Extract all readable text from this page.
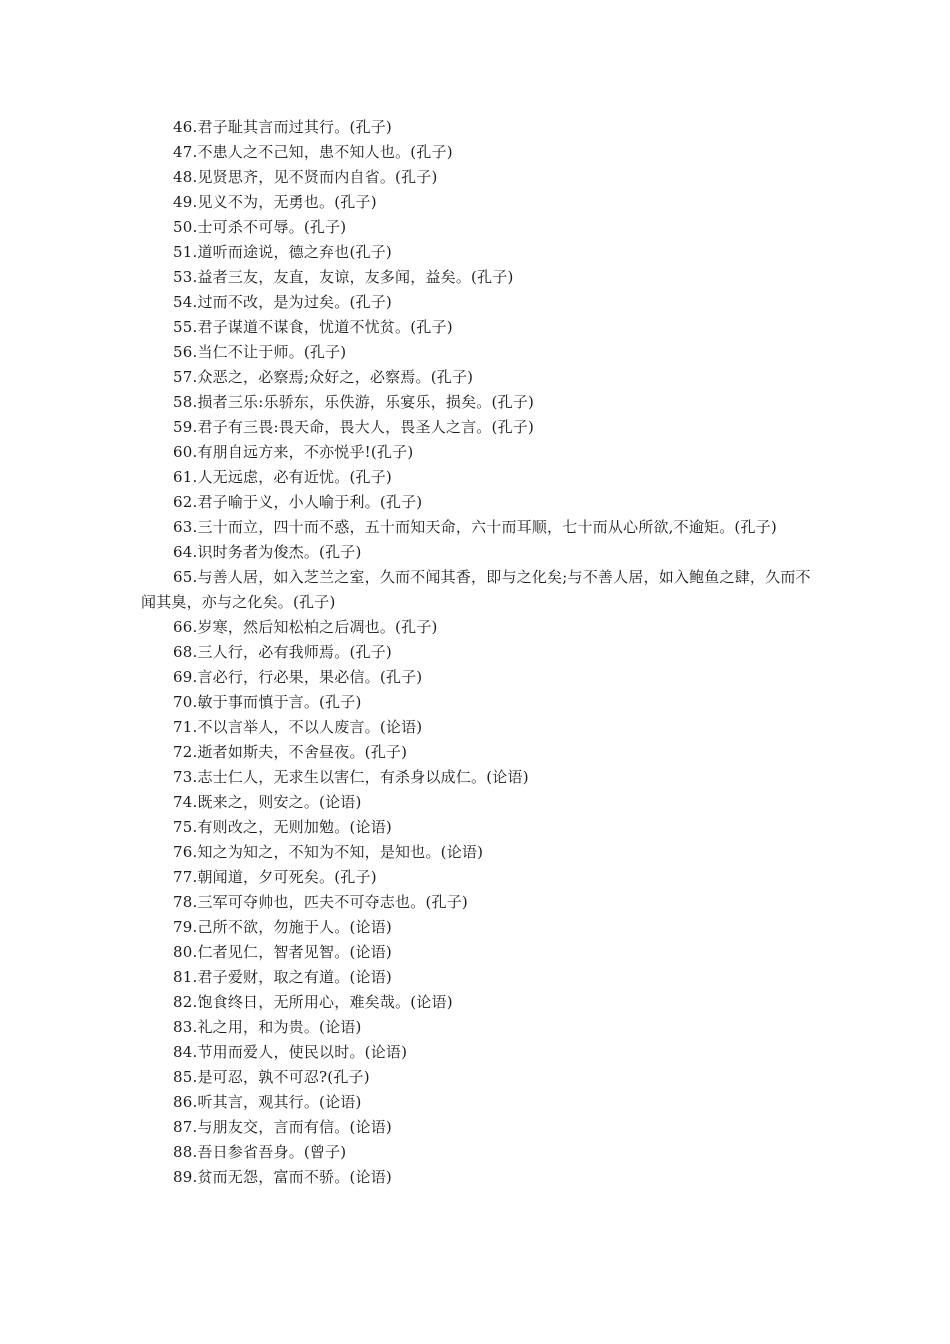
46.君子耻其言而过其行。(孔子)
47.不患人之不己知，患不知人也。(孔子)
48.见贤思齐，见不贤而内自省。(孔子)
49.见义不为，无勇也。(孔子)
50.士可杀不可辱。(孔子)
51.道听而途说，德之弃也(孔子)
53.益者三友，友直，友谅，友多闻，益矣。(孔子)
54.过而不改，是为过矣。(孔子)
55.君子谋道不谋食，忧道不忧贫。(孔子)
56.当仁不让于师。(孔子)
57.众恶之，必察焉;众好之，必察焉。(孔子)
58.损者三乐:乐骄东，乐佚游，乐宴乐，损矣。(孔子)
59.君子有三畏:畏天命，畏大人，畏圣人之言。(孔子)
60.有朋自远方来，不亦悦乎!(孔子)
61.人无远虑，必有近忧。(孔子)
62.君子喻于义，小人喻于利。(孔子)
63.三十而立，四十而不惑，五十而知天命，六十而耳顺，七十而从心所欲,不逾矩。(孔子)
64.识时务者为俊杰。(孔子)
65.与善人居，如入芝兰之室，久而不闻其香，即与之化矣;与不善人居，如入鲍鱼之肆，久而不闻其臭，亦与之化矣。(孔子)
66.岁寒，然后知松柏之后凋也。(孔子)
68.三人行，必有我师焉。(孔子)
69.言必行，行必果，果必信。(孔子)
70.敏于事而慎于言。(孔子)
71.不以言举人，不以人废言。(论语)
72.逝者如斯夫，不舍昼夜。(孔子)
73.志士仁人，无求生以害仁，有杀身以成仁。(论语)
74.既来之，则安之。(论语)
75.有则改之，无则加勉。(论语)
76.知之为知之，不知为不知，是知也。(论语)
77.朝闻道，夕可死矣。(孔子)
78.三军可夺帅也，匹夫不可夺志也。(孔子)
79.己所不欲，勿施于人。(论语)
80.仁者见仁，智者见智。(论语)
81.君子爱财，取之有道。(论语)
82.饱食终日，无所用心，难矣哉。(论语)
83.礼之用，和为贵。(论语)
84.节用而爱人，使民以时。(论语)
85.是可忍，孰不可忍?(孔子)
86.听其言，观其行。(论语)
87.与朋友交，言而有信。(论语)
88.吾日参省吾身。(曾子)
89.贫而无怨，富而不骄。(论语)
